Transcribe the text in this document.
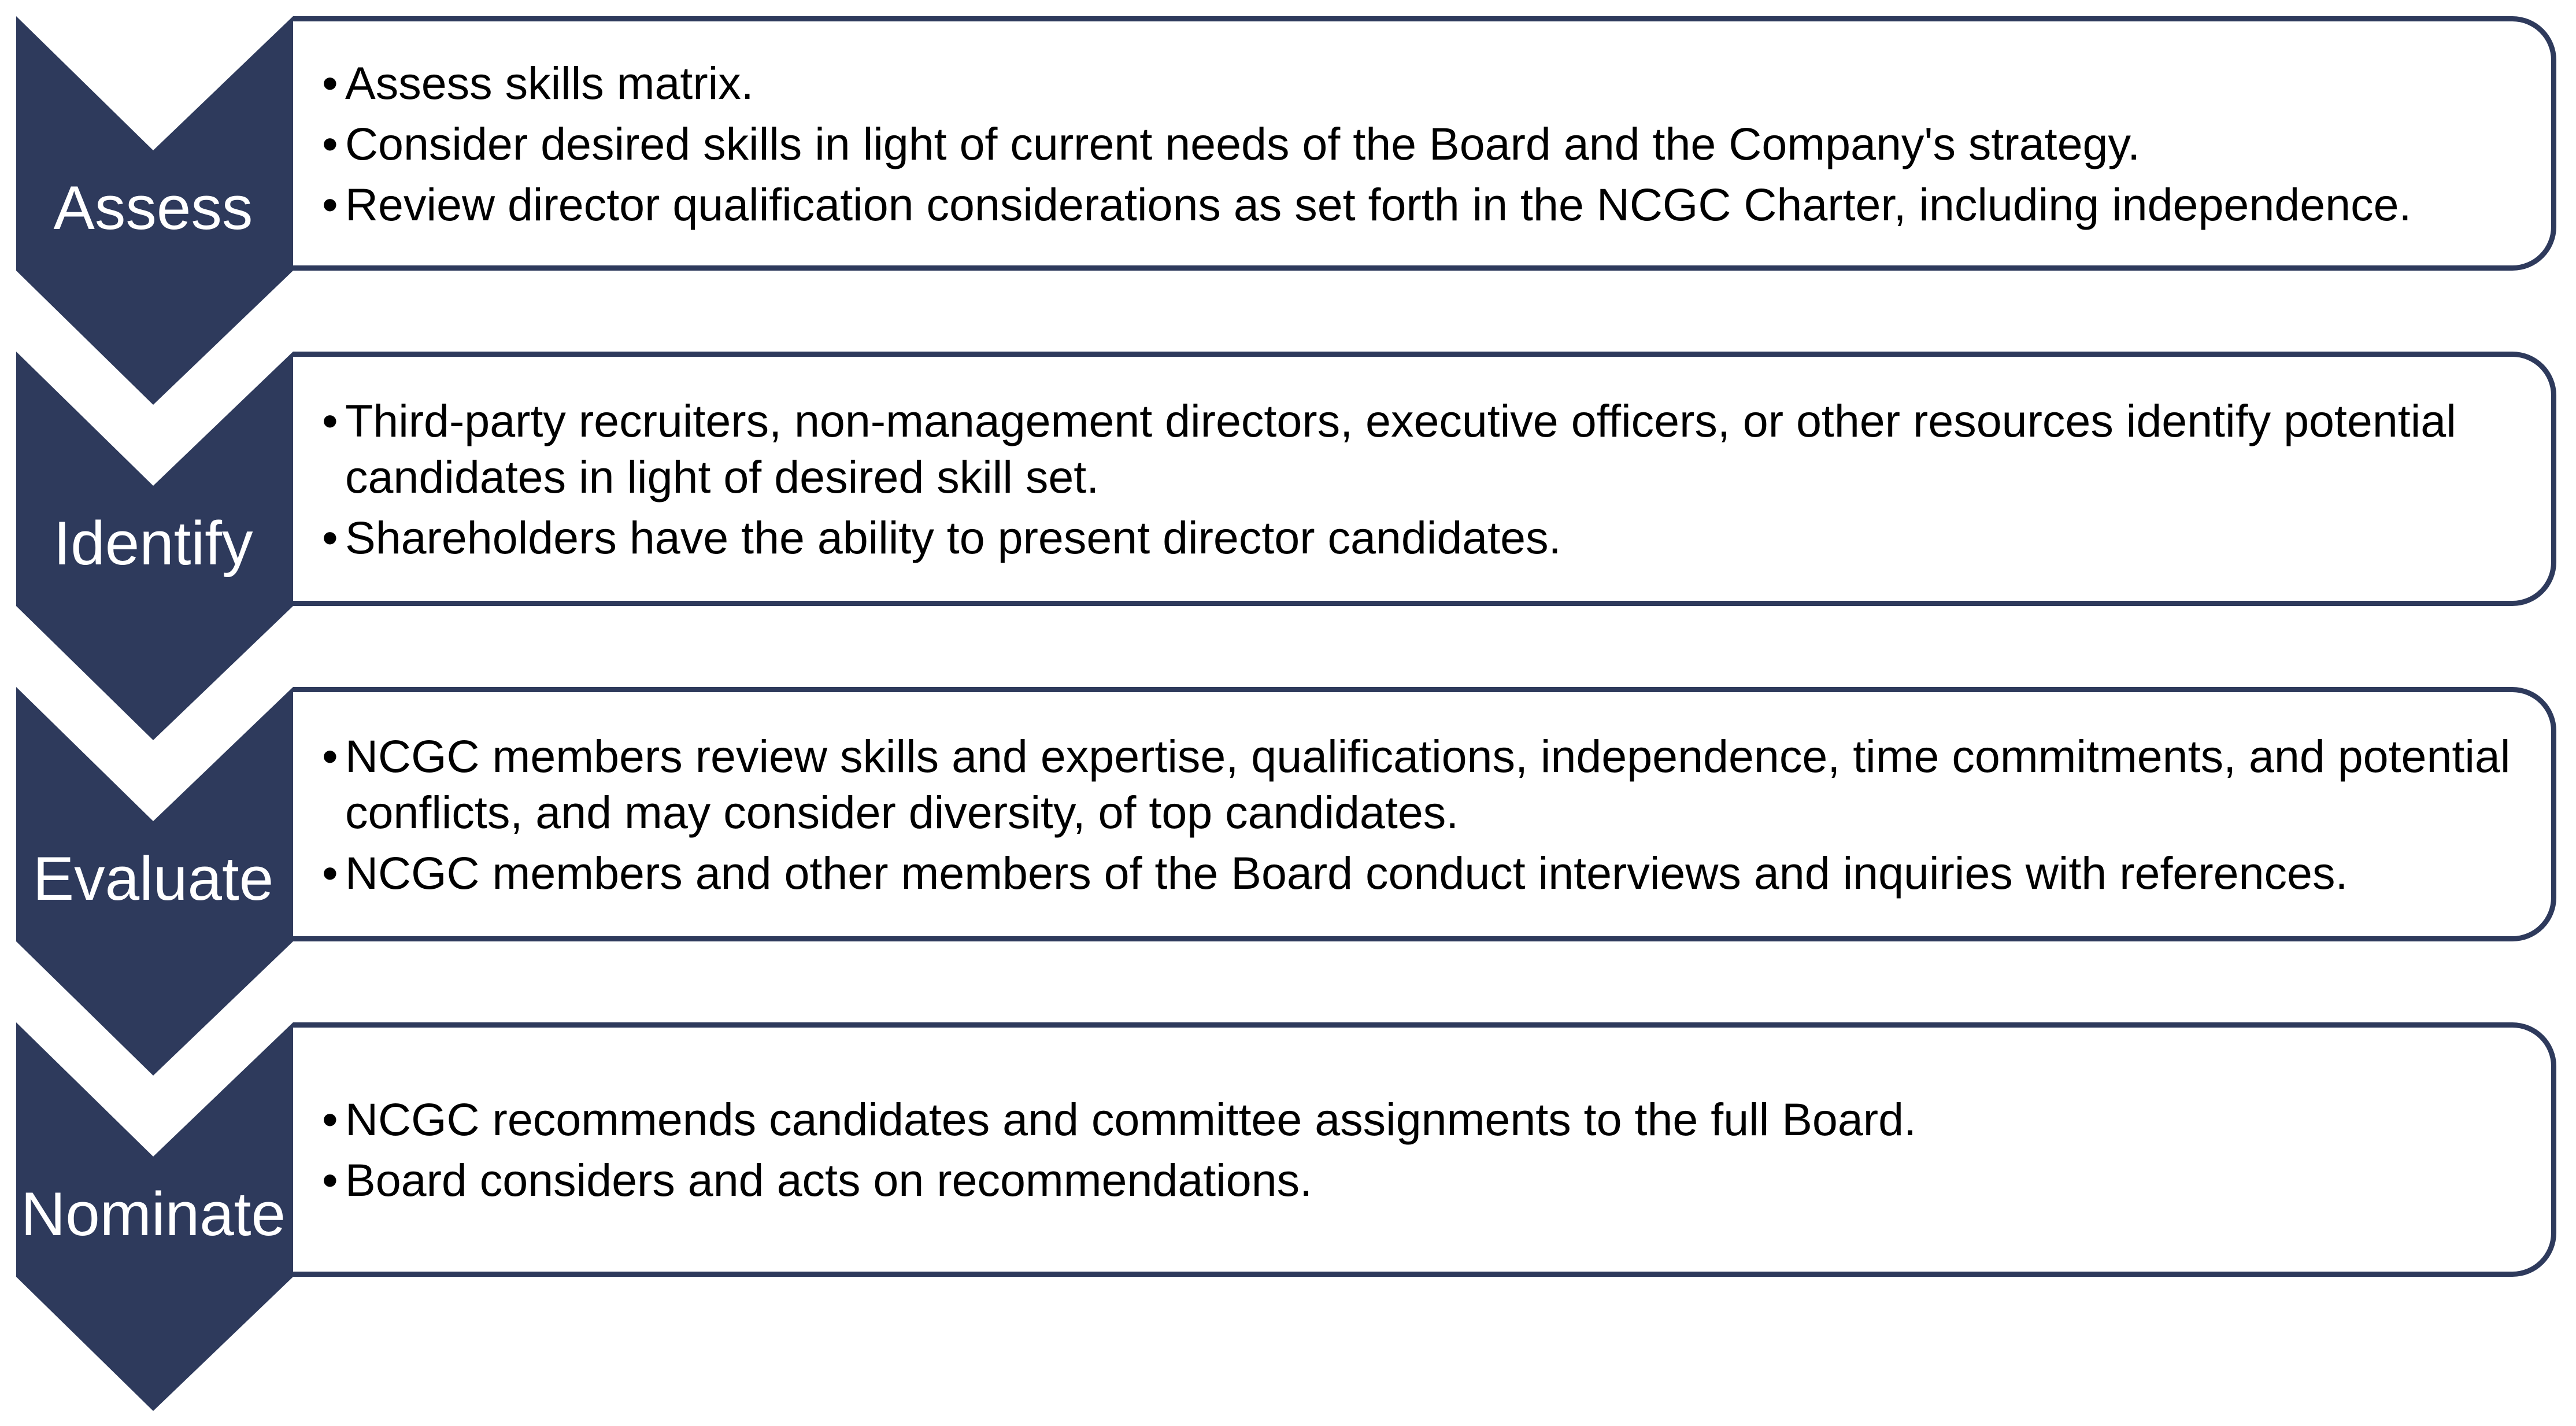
Assess
• Assess skills matrix.
• Consider desired skills in light of current needs of the Board and the Company's strategy.
• Review director qualification considerations as set forth in the NCGC Charter, including independence.
Identify
• Third-party recruiters, non-management directors, executive officers, or other resources identify potential candidates in light of desired skill set.
• Shareholders have the ability to present director candidates.
Evaluate
• NCGC members review skills and expertise, qualifications, independence, time commitments, and potential conflicts, and may consider diversity, of top candidates.
• NCGC members and other members of the Board conduct interviews and inquiries with references.
Nominate
• NCGC recommends candidates and committee assignments to the full Board.
• Board considers and acts on recommendations.
